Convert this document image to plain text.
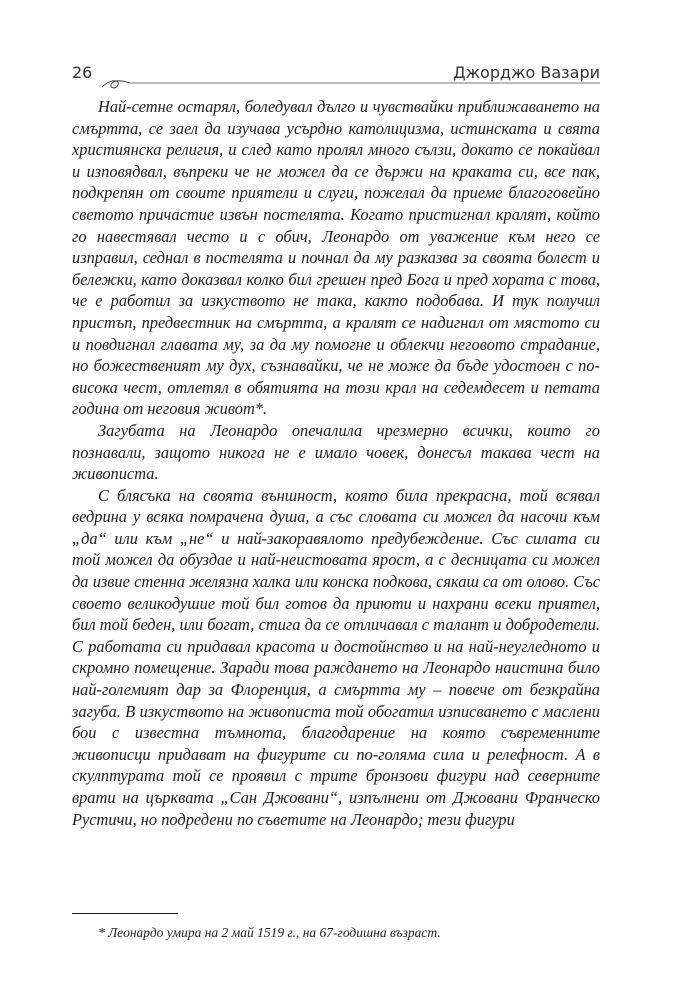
26	Джорджо Вазари

Най-сетне остарял, боледувал дълго и чувствайки приближаването на смъртта, се заел да изучава усърдно католицизма, истинската и свята християнска религия, и след като пролял много сълзи, докато се покайвал и изповядвал, въпреки че не можел да се държи на краката си, все пак, подкрепян от своите приятели и слуги, пожелал да приеме благоговейно светото причастие извън постелята. Когато пристигнал кралят, който го навестявал често и с обич, Леонардо от уважение към него се изправил, седнал в постелята и почнал да му разказва за своята болест и бележки, като доказвал колко бил грешен пред Бога и пред хората с това, че е работил за изкуството не така, както подобава. И тук получил пристъп, предвестник на смъртта, а кралят се надигнал от мястото си и повдигнал главата му, за да му помогне и облекчи неговото страдание, но божественият му дух, съзнавайки, че не може да бъде удостоен с по-висока чест, отлетял в обятията на този крал на седемдесет и петата година от неговия живот*.

Загубата на Леонардо опечалила чрезмерно всички, които го познавали, защото никога не е имало човек, донесъл такава чест на живописта.

С блясъка на своята външност, която била прекрасна, той всявал ведрина у всяка помрачена душа, а със словата си можел да насочи към „да“ или към „не“ и най-закоравялото предубеждение. Със силата си той можел да обуздае и най-неистовата ярост, а с десницата си можел да извие стенна желязна халка или конска подкова, сякаш са от олово. Със своето великодушие той бил готов да приюти и нахрани всеки приятел, бил той беден, или богат, стига да се отличавал с талант и добродетели. С работата си придавал красота и достойнство и на най-неугледното и скромно помещение. Заради това раждането на Леонардо наистина било най-големият дар за Флоренция, а смъртта му – повече от безкрайна загуба. В изкуството на живописта той обогатил изписването с маслени бои с известна тъмнота, благодарение на която съвременните живописци придават на фигурите си по-голяма сила и релефност. А в скулптурата той се проявил с трите бронзови фигури над северните врати на църквата „Сан Джовани“, изпълнени от Джовани Франческо Рустичи, но подредени по съветите на Леонардо; тези фигури

* Леонардо умира на 2 май 1519 г., на 67-годишна възраст.
